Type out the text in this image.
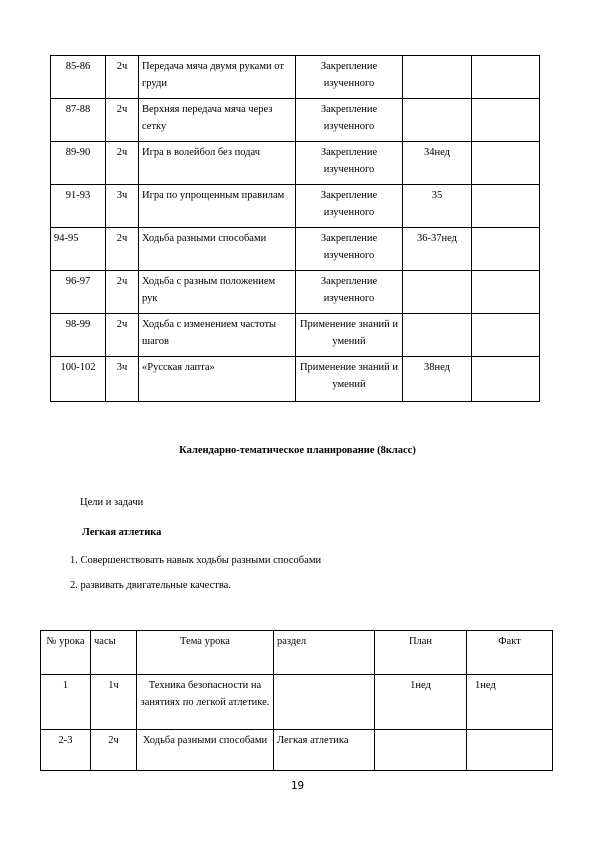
85-86	2ч	Передача мяча двумя руками от груди	Закрепление изученного		
87-88	2ч	Верхняя передача мяча через сетку	Закрепление изученного		
89-90	2ч	Игра в волейбол без подач	Закрепление изученного	34нед	
91-93	3ч	Игра по упрощенным правилам	Закрепление изученного	35	
94-95	2ч	Ходьба разными способами	Закрепление изученного	36-37нед	
96-97	2ч	Ходьба с разным положением рук	Закрепление изученного		
98-99	2ч	Ходьба с изменением частоты шагов	Применение знаний и умений		
100-102	3ч	«Русская лапта»	Применение знаний и умений	38нед	
Календарно-тематическое планирование (8класс)
Цели и задачи
Легкая атлетика
1. Совершенствовать навык ходьбы разными способами
2. развивать двигательные качества.
№ урока	часы	Тема урока	раздел	План	Факт
1	1ч	Техника безопасности на занятиях по легкой атлетике.		1нед	1нед
2-3	2ч	Ходьба разными способами	Легкая атлетика		
19
